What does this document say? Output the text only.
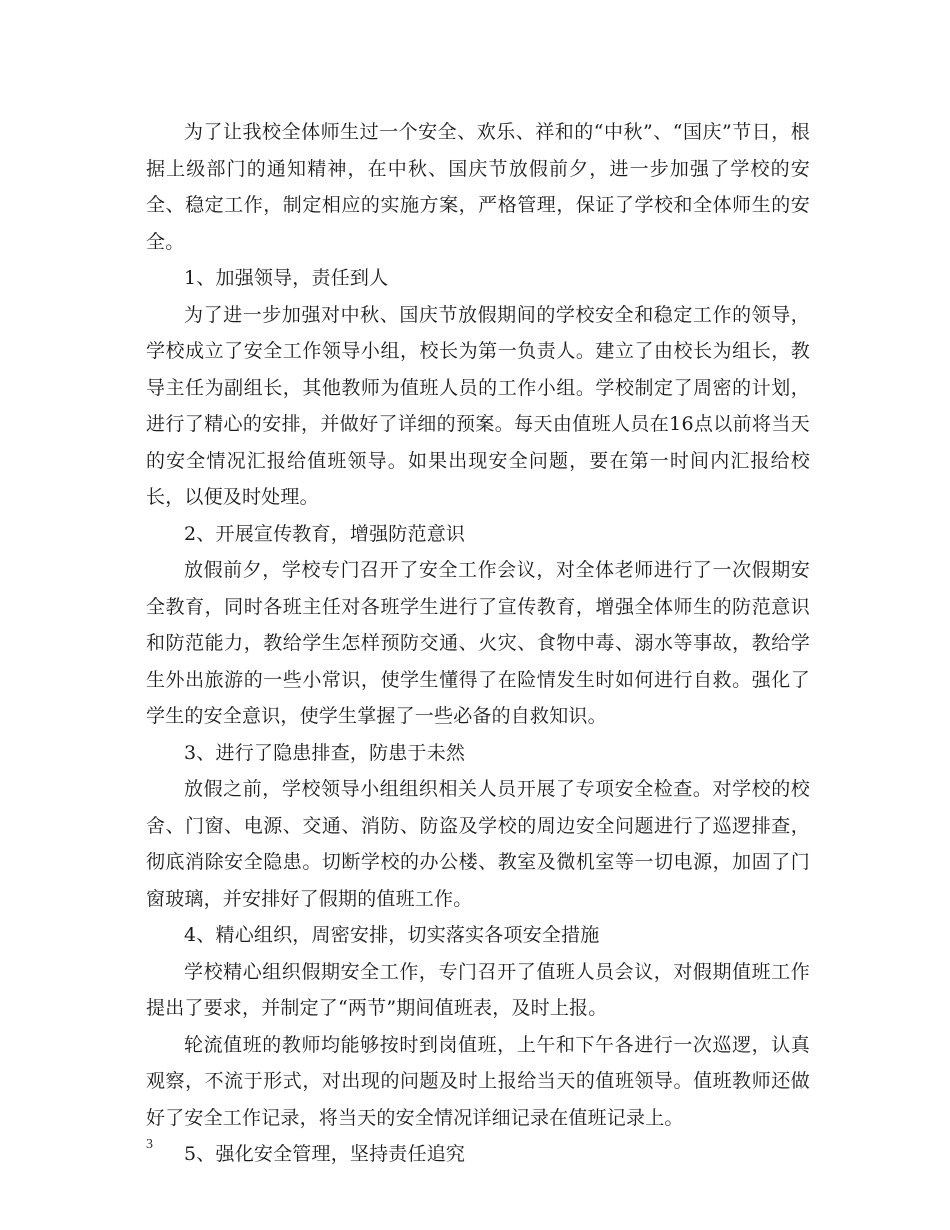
为了让我校全体师生过一个安全、欢乐、祥和的“中秋”、“国庆”节日，根据上级部门的通知精神，在中秋、国庆节放假前夕，进一步加强了学校的安全、稳定工作，制定相应的实施方案，严格管理，保证了学校和全体师生的安全。

1、加强领导，责任到人

为了进一步加强对中秋、国庆节放假期间的学校安全和稳定工作的领导，学校成立了安全工作领导小组，校长为第一负责人。建立了由校长为组长，教导主任为副组长，其他教师为值班人员的工作小组。学校制定了周密的计划，进行了精心的安排，并做好了详细的预案。每天由值班人员在16点以前将当天的安全情况汇报给值班领导。如果出现安全问题，要在第一时间内汇报给校长，以便及时处理。

2、开展宣传教育，增强防范意识

放假前夕，学校专门召开了安全工作会议，对全体老师进行了一次假期安全教育，同时各班主任对各班学生进行了宣传教育，增强全体师生的防范意识和防范能力，教给学生怎样预防交通、火灾、食物中毒、溺水等事故，教给学生外出旅游的一些小常识，使学生懂得了在险情发生时如何进行自救。强化了学生的安全意识，使学生掌握了一些必备的自救知识。

3、进行了隐患排查，防患于未然

放假之前，学校领导小组组织相关人员开展了专项安全检查。对学校的校舍、门窗、电源、交通、消防、防盗及学校的周边安全问题进行了巡逻排查，彻底消除安全隐患。切断学校的办公楼、教室及微机室等一切电源，加固了门窗玻璃，并安排好了假期的值班工作。

4、精心组织，周密安排，切实落实各项安全措施

学校精心组织假期安全工作，专门召开了值班人员会议，对假期值班工作提出了要求，并制定了“两节”期间值班表，及时上报。

轮流值班的教师均能够按时到岗值班，上午和下午各进行一次巡逻，认真观察，不流于形式，对出现的问题及时上报给当天的值班领导。值班教师还做好了安全工作记录，将当天的安全情况详细记录在值班记录上。

5、强化安全管理，坚持责任追究

3
